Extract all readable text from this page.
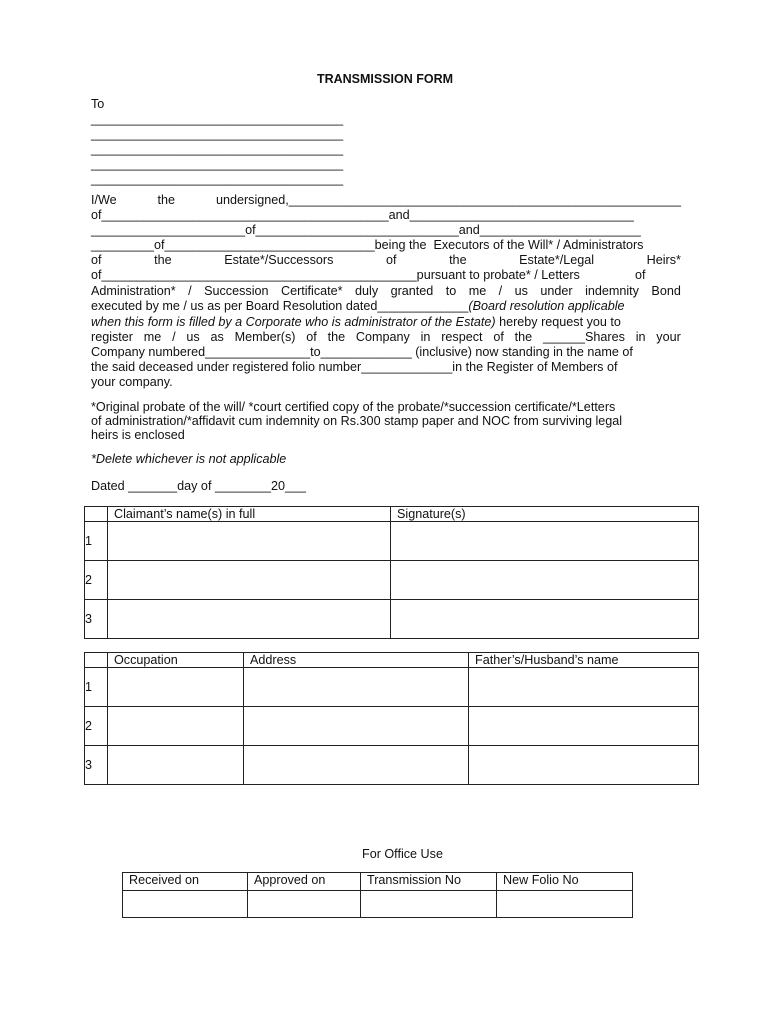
TRANSMISSION FORM
To
____________________________________
____________________________________
____________________________________
____________________________________
____________________________________
I/We	the	undersigned,________________________________________________________
of_________________________________________and________________________________
______________________of_____________________________and_______________________
_________of______________________________being the  Executors of the Will* / Administrators
of	the	Estate*/Successors	of	the	Estate*/Legal	Heirs*
of_____________________________________________pursuant to probate* / Letters	of
Administration* / Succession Certificate* duly granted to me / us under indemnity Bond
executed by me / us as per Board Resolution dated_____________(Board resolution applicable
when this form is filled by a Corporate who is administrator of the Estate) hereby request you to
register me / us as Member(s) of the Company in respect of the ______Shares in your
Company numbered_______________to_____________ (inclusive) now standing in the name of
the said deceased under registered folio number_____________in the Register of Members of
your company.
*Original probate of the will/ *court certified copy of the probate/*succession certificate/*Letters
of administration/*affidavit cum indemnity on Rs.300 stamp paper and NOC from surviving legal
heirs is enclosed
*Delete whichever is not applicable
Dated _______day of ________20___
	Claimant’s name(s) in full	Signature(s)
1		
2		
3		
	Occupation	Address	Father’s/Husband’s name
1			
2			
3			
For Office Use
Received on	Approved on	Transmission No	New Folio No
